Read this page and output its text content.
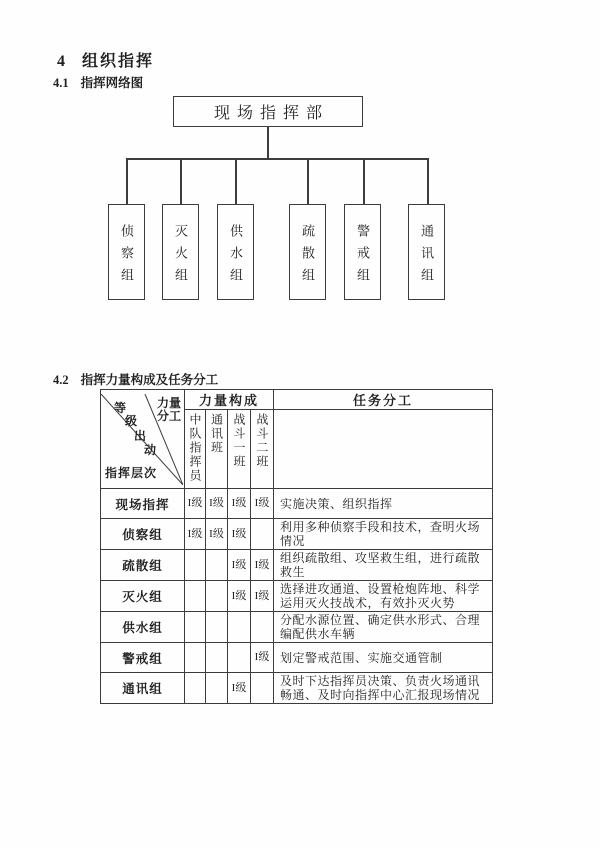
4 组织指挥
4.1 指挥网络图
现场指挥部
侦察组	灭火组	供水组	疏散组	警戒组	通讯组
4.2 指挥力量构成及任务分工
力量分工
等
级
出
动
指挥层次
	力量构成	任务分工
	中队指挥员	通讯班	战斗一班	战斗二班	
现场指挥	I级	I级	I级	I级	实施决策、组织指挥
侦察组	I级	I级	I级		利用多种侦察手段和技术，查明火场情况
疏散组			I级	I级	组织疏散组、攻坚救生组，进行疏散救生
灭火组			I级	I级	选择进攻通道、设置枪炮阵地、科学运用灭火技战术，有效扑灭火势
供水组					分配水源位置、确定供水形式、合理编配供水车辆
警戒组				I级	划定警戒范围、实施交通管制
通讯组			I级		及时下达指挥员决策、负责火场通讯畅通、及时向指挥中心汇报现场情况
